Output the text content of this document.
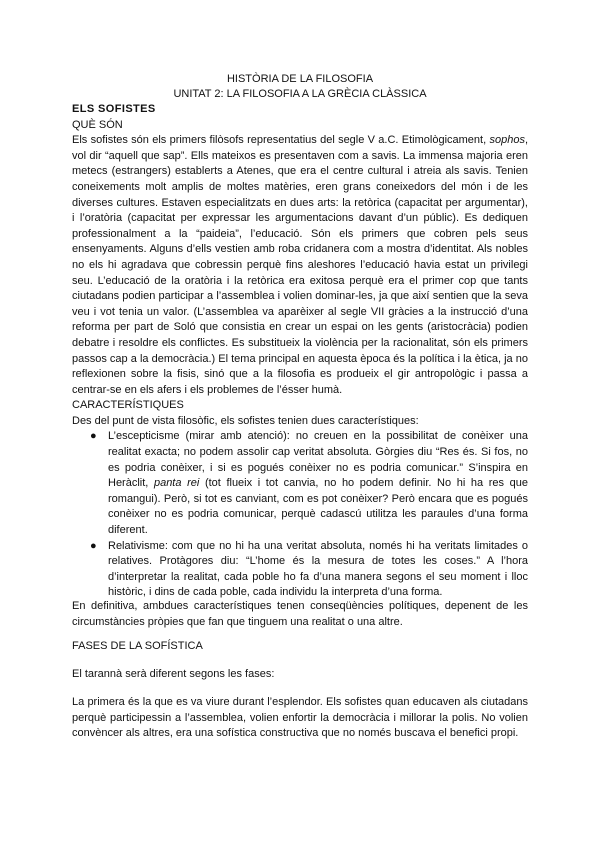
HISTÒRIA DE LA FILOSOFIA
UNITAT 2: LA FILOSOFIA A LA GRÈCIA CLÀSSICA
ELS SOFISTES
QUÈ SÓN

Els sofistes són els primers filòsofs representatius del segle V a.C. Etimològicament, sophos, vol dir “aquell que sap”. Ells mateixos es presentaven com a savis. La immensa majoria eren metecs (estrangers) establerts a Atenes, que era el centre cultural i atreia als savis. Tenien coneixements molt amplis de moltes matèries, eren grans coneixedors del món i de les diverses cultures. Estaven especialitzats en dues arts: la retòrica (capacitat per argumentar), i l’oratòria (capacitat per expressar les argumentacions davant d’un públic). Es dediquen professionalment a la “paideia”, l’educació. Són els primers que cobren pels seus ensenyaments. Alguns d’ells vestien amb roba cridanera com a mostra d’identitat. Als nobles no els hi agradava que cobressin perquè fins aleshores l’educació havia estat un privilegi seu. L’educació de la oratòria i la retòrica era exitosa perquè era el primer cop que tants ciutadans podien participar a l’assemblea i volien dominar-les, ja que així sentien que la seva veu i vot tenia un valor. (L’assemblea va aparèixer al segle VII gràcies a la instrucció d’una reforma per part de Soló que consistia en crear un espai on les gents (aristocràcia) podien debatre i resoldre els conflictes. Es substitueix la violència per la racionalitat, són els primers passos cap a la democràcia.) El tema principal en aquesta època és la política i la ètica, ja no reflexionen sobre la fisis, sinó que a la filosofia es produeix el gir antropològic i passa a centrar-se en els afers i els problemes de l’ésser humà.

CARACTERÍSTIQUES

Des del punt de vista filosòfic, els sofistes tenien dues característiques:

● L’escepticisme (mirar amb atenció): no creuen en la possibilitat de conèixer una realitat exacta; no podem assolir cap veritat absoluta. Gòrgies diu “Res és. Si fos, no es podria conèixer, i si es pogués conèixer no es podria comunicar.” S’inspira en Heràclit, panta rei (tot flueix i tot canvia, no ho podem definir. No hi ha res que romangui). Però, si tot es canviant, com es pot conèixer? Però encara que es pogués conèixer no es podria comunicar, perquè cadascú utilitza les paraules d’una forma diferent.
● Relativisme: com que no hi ha una veritat absoluta, només hi ha veritats limitades o relatives. Protàgores diu: “L’home és la mesura de totes les coses.” A l’hora d’interpretar la realitat, cada poble ho fa d’una manera segons el seu moment i lloc històric, i dins de cada poble, cada individu la interpreta d’una forma.

En definitiva, ambdues característiques tenen conseqüències polítiques, depenent de les circumstàncies pròpies que fan que tinguem una realitat o una altre.

FASES DE LA SOFÍSTICA

El tarannà serà diferent segons les fases:

La primera és la que es va viure durant l’esplendor. Els sofistes quan educaven als ciutadans perquè participessin a l’assemblea, volien enfortir la democràcia i millorar la polis. No volien convèncer als altres, era una sofística constructiva que no només buscava el benefici propi.
